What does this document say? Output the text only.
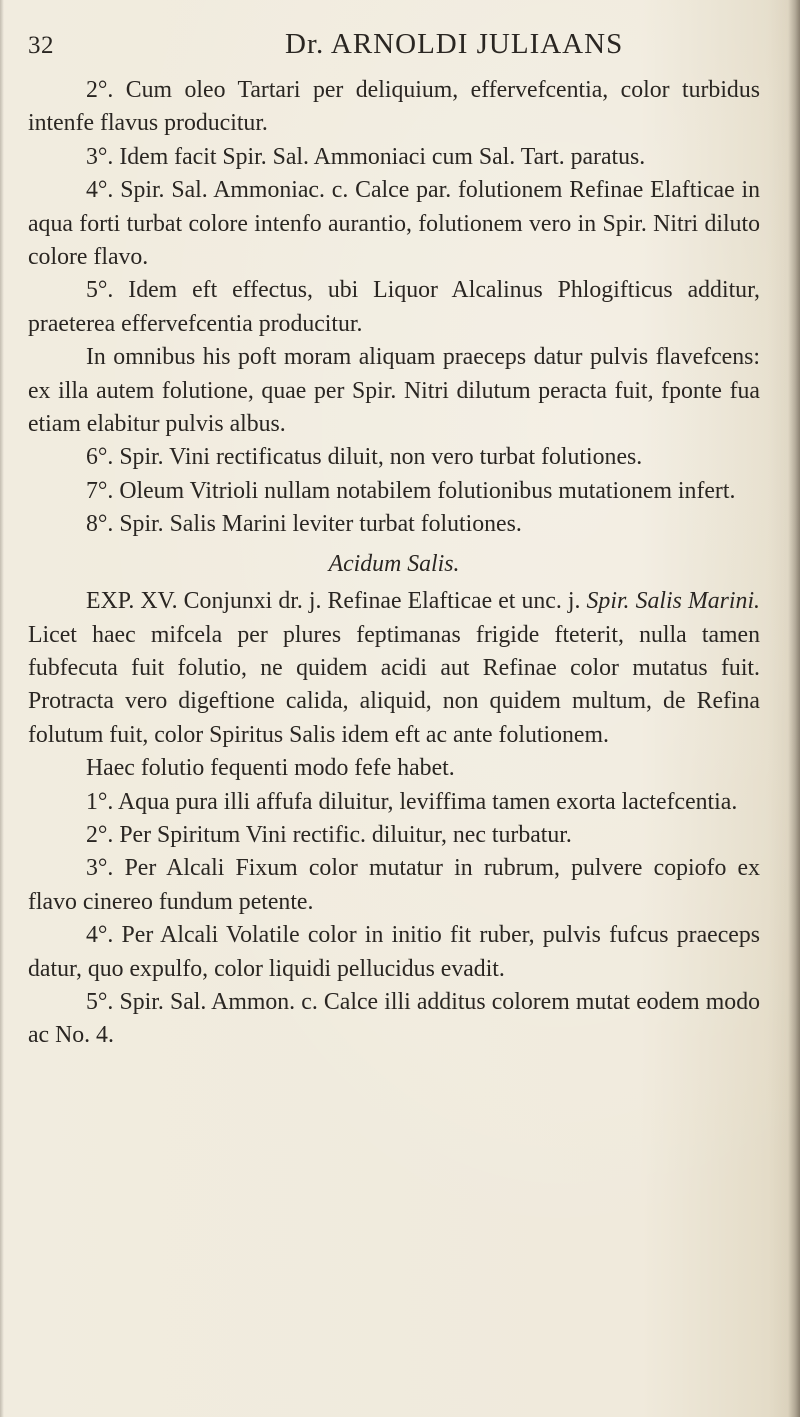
32	Dr. ARNOLDI JULIAANS

2°. Cum oleo Tartari per deliquium, effervefcentia, color turbidus intenfe flavus producitur.

3°. Idem facit Spir. Sal. Ammoniaci cum Sal. Tart. paratus.

4°. Spir. Sal. Ammoniac. c. Calce par. folutionem Refinae Elafticae in aqua forti turbat colore intenfo aurantio, folutionem vero in Spir. Nitri diluto colore flavo.

5°. Idem eft effectus, ubi Liquor Alcalinus Phlogifticus additur, praeterea effervefcentia producitur.

In omnibus his poft moram aliquam praeceps datur pulvis flavefcens: ex illa autem folutione, quae per Spir. Nitri dilutum peracta fuit, fponte fua etiam elabitur pulvis albus.

6°. Spir. Vini rectificatus diluit, non vero turbat folutiones.

7°. Oleum Vitrioli nullam notabilem folutionibus mutationem infert.

8°. Spir. Salis Marini leviter turbat folutiones.

Acidum Salis.

EXP. XV. Conjunxi dr. j. Refinae Elafticae et unc. j. Spir. Salis Marini. Licet haec mifcela per plures feptimanas frigide fteterit, nulla tamen fubfecuta fuit folutio, ne quidem acidi aut Refinae color mutatus fuit. Protracta vero digeftione calida, aliquid, non quidem multum, de Refina folutum fuit, color Spiritus Salis idem eft ac ante folutionem.

Haec folutio fequenti modo fefe habet.

1°. Aqua pura illi affufa diluitur, leviffima tamen exorta lactefcentia.

2°. Per Spiritum Vini rectific. diluitur, nec turbatur.

3°. Per Alcali Fixum color mutatur in rubrum, pulvere copiofo ex flavo cinereo fundum petente.

4°. Per Alcali Volatile color in initio fit ruber, pulvis fufcus praeceps datur, quo expulfo, color liquidi pellucidus evadit.

5°. Spir. Sal. Ammon. c. Calce illi additus colorem mutat eodem modo ac No. 4.
